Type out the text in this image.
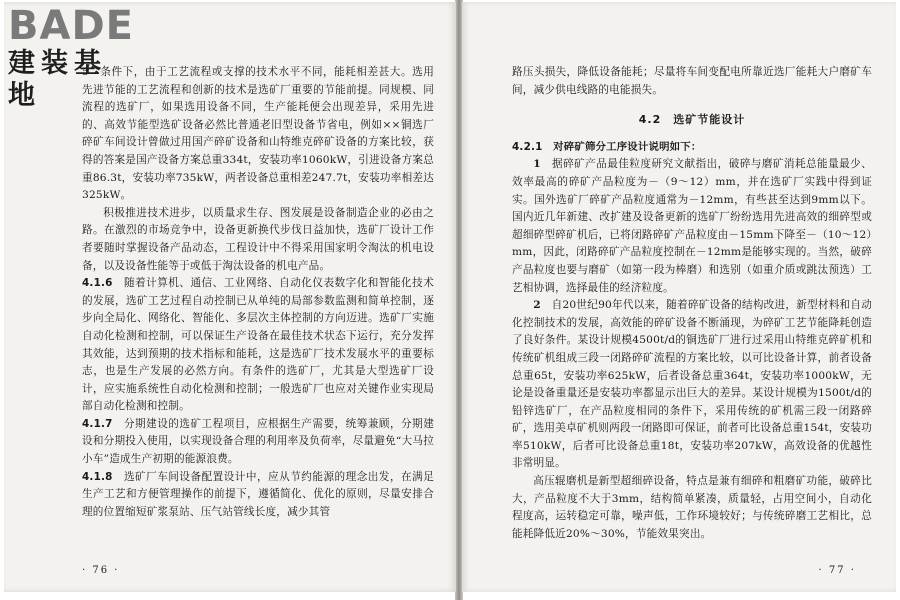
BADE
建装基地

5　条件下，由于工艺流程或支撑的技术水平不同，能耗相差甚大。选用先进节能的工艺流程和创新的技术是选矿厂重要的节能前提。同规模、同流程的选矿厂，如果选用设备不同，生产能耗便会出现差异，采用先进的、高效节能型选矿设备必然比普通老旧型设备节省电，例如××铜选厂碎矿车间设计曾做过用国产碎矿设备和山特维克碎矿设备的方案比较，获得的答案是国产设备方案总重334t，安装功率1060kW，引进设备方案总重86.3t，安装功率735kW，两者设备总重相差247.7t，安装功率相差达325kW。

积极推进技术进步，以质量求生存、图发展是设备制造企业的必由之路。在激烈的市场竞争中，设备更新换代步伐日益加快，选矿厂设计工作者要随时掌握设备产品动态，工程设计中不得采用国家明令淘汰的机电设备，以及设备性能等于或低于淘汰设备的机电产品。

4.1.6　随着计算机、通信、工业网络、自动化仪表数字化和智能化技术的发展，选矿工艺过程自动控制已从单纯的局部参数监测和简单控制，逐步向全局化、网络化、智能化、多层次主体控制的方向迈进。选矿厂实施自动化检测和控制，可以保证生产设备在最佳技术状态下运行，充分发挥其效能，达到预期的技术指标和能耗，这是选矿厂技术发展水平的重要标志，也是生产发展的必然方向。有条件的选矿厂，尤其是大型选矿厂设计，应实施系统性自动化检测和控制；一般选矿厂也应对关键作业实现局部自动化检测和控制。

4.1.7　分期建设的选矿工程项目，应根据生产需要，统筹兼顾，分期建设和分期投入使用，以实现设备合理的利用率及负荷率，尽量避免“大马拉小车”造成生产初期的能源浪费。

4.1.8　选矿厂车间设备配置设计中，应从节约能源的理念出发，在满足生产工艺和方便管理操作的前提下，遵循简化、优化的原则，尽量安排合理的位置缩短矿浆泵站、压气站管线长度，减少其管

· 76 ·

路压头损失，降低设备能耗；尽量将车间变配电所靠近选厂能耗大户磨矿车间，减少供电线路的电能损失。

4.2　选矿节能设计

4.2.1　对碎矿筛分工序设计说明如下：

1　据碎矿产品最佳粒度研究文献指出，破碎与磨矿消耗总能量最少、效率最高的碎矿产品粒度为－（9～12）mm，并在选矿厂实践中得到证实。国外选矿厂碎矿产品粒度通常为－12mm，有些甚至达到9mm以下。国内近几年新建、改扩建及设备更新的选矿厂纷纷选用先进高效的细碎型或超细碎型碎矿机后，已将闭路碎矿产品粒度由－15mm下降至－（10～12）mm，因此，闭路碎矿产品粒度控制在－12mm是能够实现的。当然，破碎产品粒度也要与磨矿（如第一段为棒磨）和选别（如重介质或跳汰预选）工艺相协调，选择最佳的经济粒度。

2　自20世纪90年代以来，随着碎矿设备的结构改进，新型材料和自动化控制技术的发展，高效能的碎矿设备不断涌现，为碎矿工艺节能降耗创造了良好条件。某设计规模4500t/d的铜选矿厂进行过采用山特维克碎矿机和传统矿机组成三段一闭路碎矿流程的方案比较，以可比设备计算，前者设备总重65t，安装功率625kW，后者设备总重364t，安装功率1000kW，无论是设备重量还是安装功率都显示出巨大的差异。某设计规模为1500t/d的铅锌选矿厂，在产品粒度相同的条件下，采用传统的矿机需三段一闭路碎矿，选用美卓矿机则两段一闭路即可保证，前者可比设备总重154t，安装功率510kW，后者可比设备总重18t，安装功率207kW，高效设备的优越性非常明显。

高压辊磨机是新型超细碎设备，特点是兼有细碎和粗磨矿功能，破碎比大，产品粒度不大于3mm，结构简单紧凑，质量轻，占用空间小，自动化程度高，运转稳定可靠，噪声低，工作环境较好；与传统碎磨工艺相比，总能耗降低近20%～30%，节能效果突出。

· 77 ·
